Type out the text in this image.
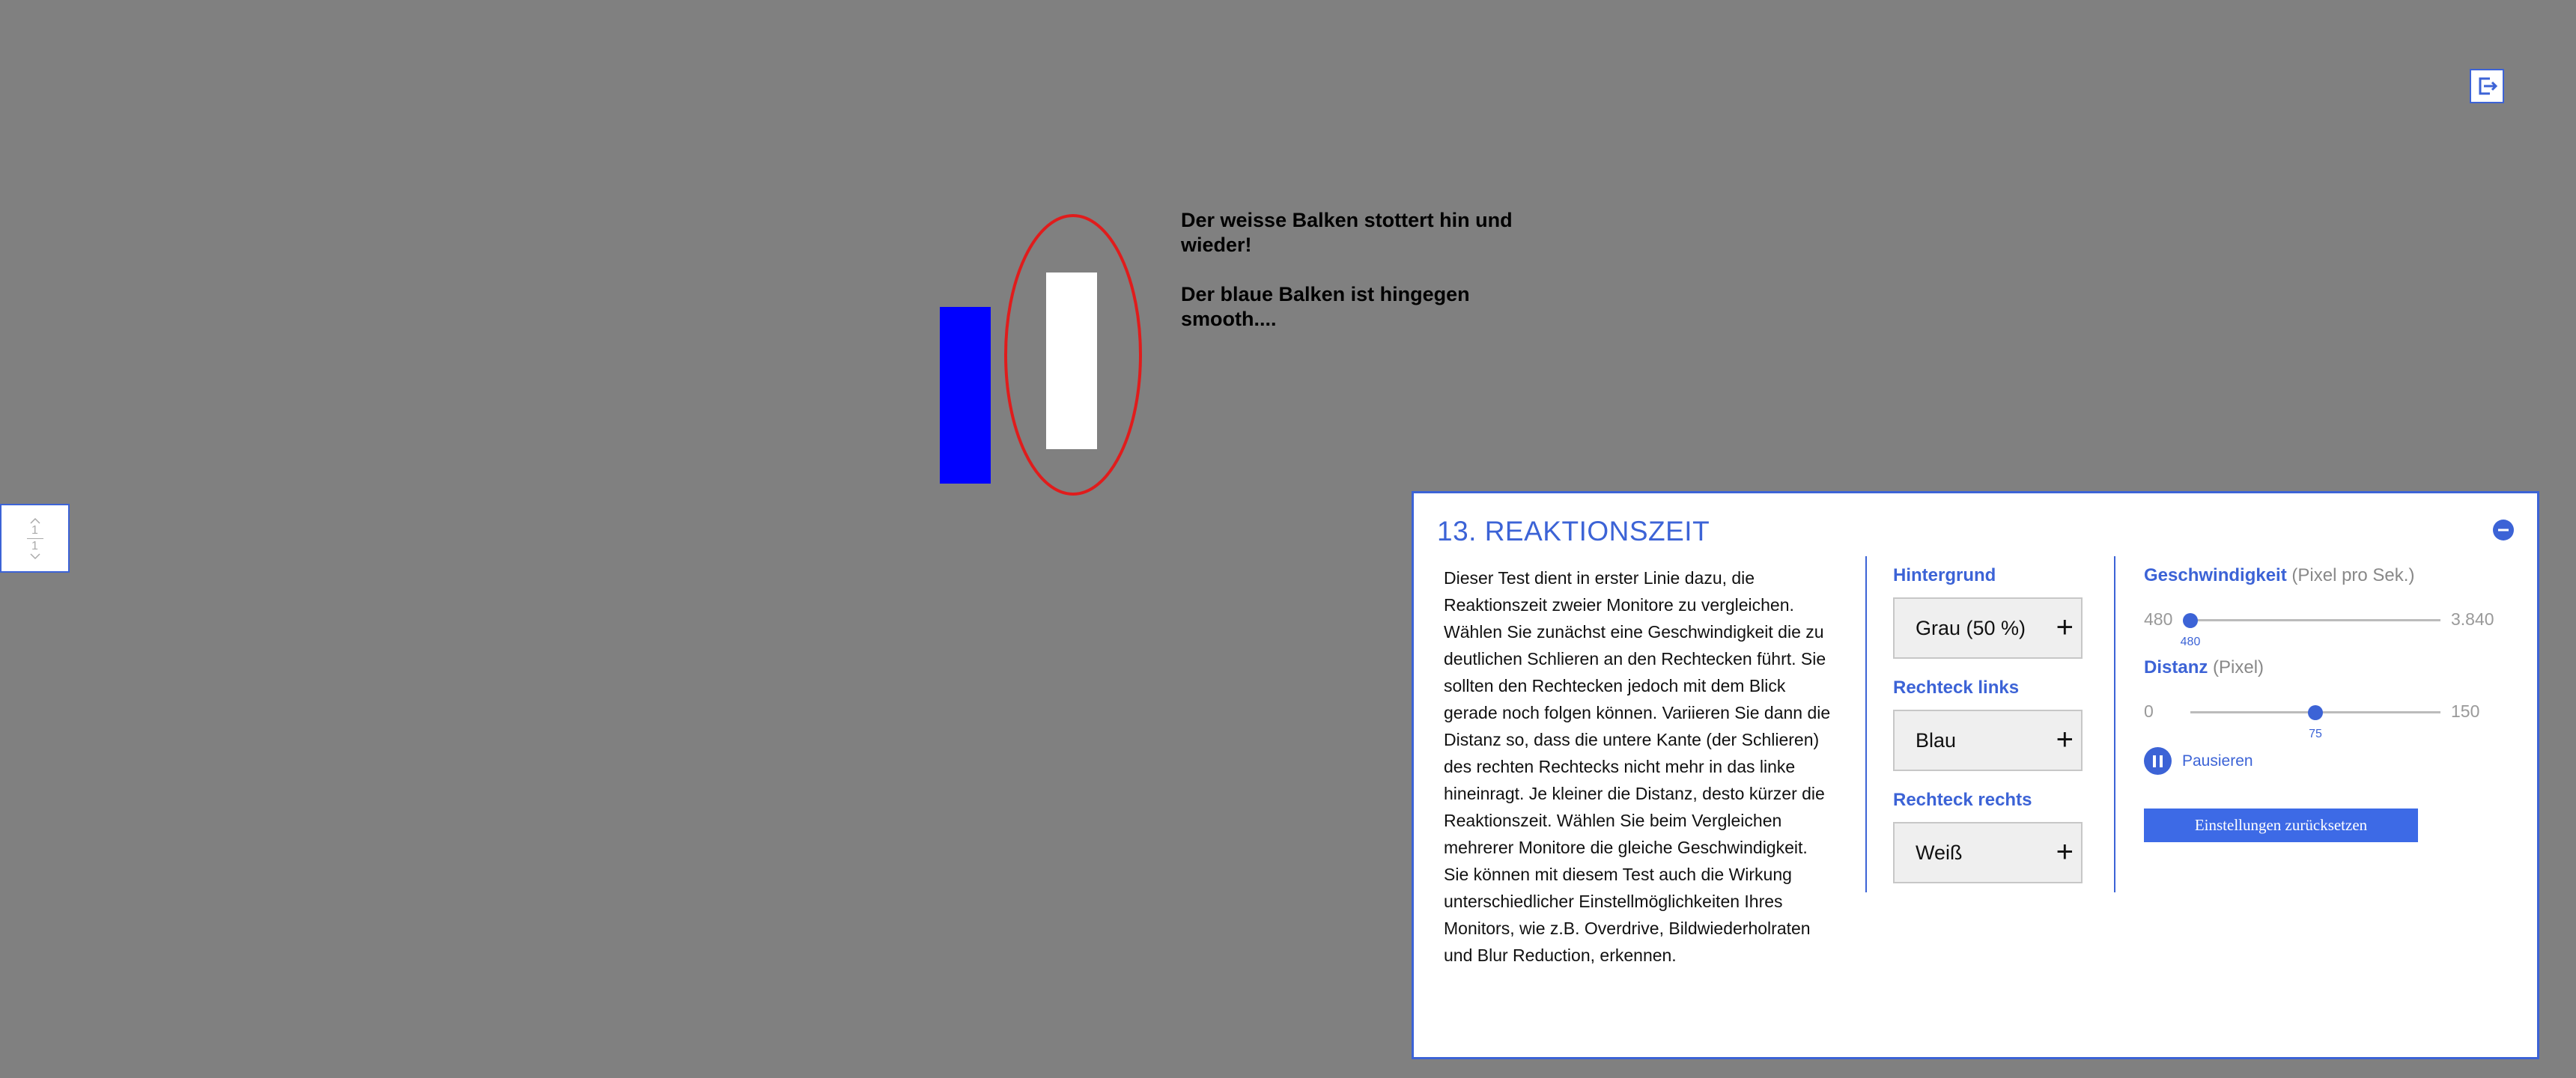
Der weisse Balken stottert hin und wieder!

Der blaue Balken ist hingegen smooth....

1
1	13. REAKTIONSZEIT
Dieser Test dient in erster Linie dazu, die Reaktionszeit zweier Monitore zu vergleichen. Wählen Sie zunächst eine Geschwindigkeit die zu deutlichen Schlieren an den Rechtecken führt. Sie sollten den Rechtecken jedoch mit dem Blick gerade noch folgen können. Variieren Sie dann die Distanz so, dass die untere Kante (der Schlieren) des rechten Rechtecks nicht mehr in das linke hineinragt. Je kleiner die Distanz, desto kürzer die Reaktionszeit. Wählen Sie beim Vergleichen mehrerer Monitore die gleiche Geschwindigkeit.
Sie können mit diesem Test auch die Wirkung unterschiedlicher Einstellmöglichkeiten Ihres Monitors, wie z.B. Overdrive, Bildwiederholraten und Blur Reduction, erkennen.
Hintergrund
Grau (50 %) +
Rechteck links
Blau	+
Rechteck rechts
Weiß	+
Geschwindigkeit (Pixel pro Sek.)
480
480
3.840
Distanz (Pixel)
0
75
150
Pausieren
Einstellungen zurücksetzen
